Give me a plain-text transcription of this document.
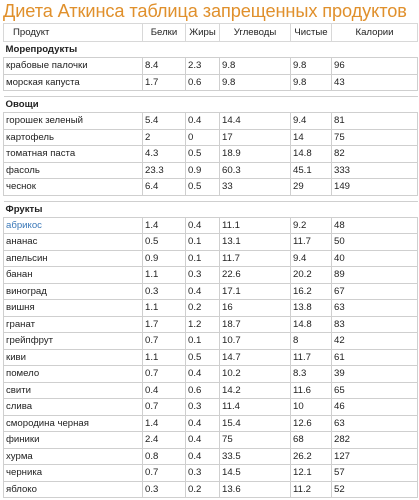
Диета Аткинса таблица запрещенных продуктов
Продукт	Белки	Жиры	Углеводы	Чистые	Калории
Морепродукты					
крабовые палочки	8.4	2.3	9.8	9.8	96
морская капуста	1.7	0.6	9.8	9.8	43

Овощи					
горошек зеленый	5.4	0.4	14.4	9.4	81
картофель	2	0	17	14	75
томатная паста	4.3	0.5	18.9	14.8	82
фасоль	23.3	0.9	60.3	45.1	333
чеснок	6.4	0.5	33	29	149

Фрукты					
абрикос	1.4	0.4	11.1	9.2	48
ананас	0.5	0.1	13.1	11.7	50
апельсин	0.9	0.1	11.7	9.4	40
банан	1.1	0.3	22.6	20.2	89
виноград	0.3	0.4	17.1	16.2	67
вишня	1.1	0.2	16	13.8	63
гранат	1.7	1.2	18.7	14.8	83
грейпфрут	0.7	0.1	10.7	8	42
киви	1.1	0.5	14.7	11.7	61
помело	0.7	0.4	10.2	8.3	39
свити	0.4	0.6	14.2	11.6	65
слива	0.7	0.3	11.4	10	46
смородина черная	1.4	0.4	15.4	12.6	63
финики	2.4	0.4	75	68	282
хурма	0.8	0.4	33.5	26.2	127
черника	0.7	0.3	14.5	12.1	57
яблоко	0.3	0.2	13.6	11.2	52
